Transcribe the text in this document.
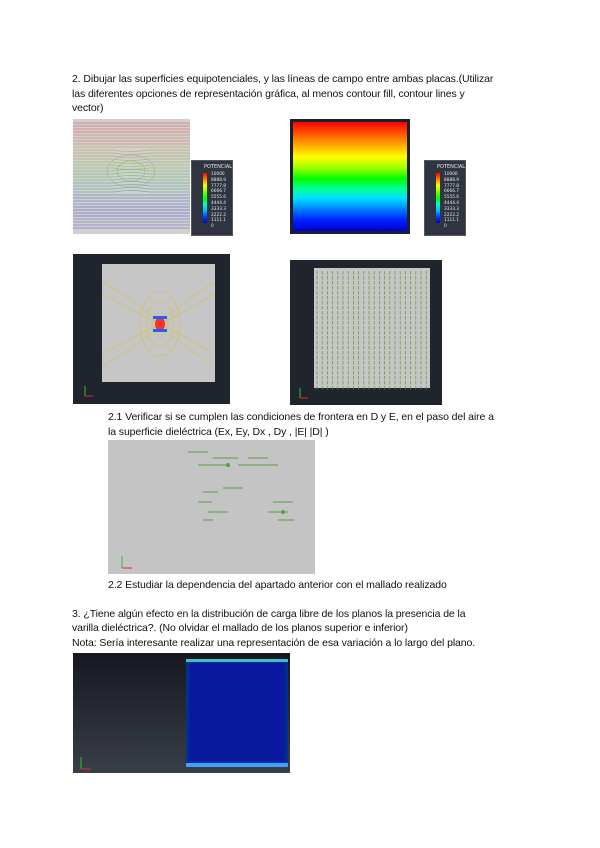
2. Dibujar las superficies equipotenciales, y las líneas de campo entre ambas placas.(Utilizar
las diferentes opciones de representación gráfica, al menos contour fill, contour lines y
vector)
POTENCIAL
10000
8888.9
7777.8
6666.7
5555.6
4444.4
3333.3
2222.2
1111.1
0
POTENCIAL
10000
8888.9
7777.8
6666.7
5555.6
4444.4
3333.3
2222.2
1111.1
0
2.1 Verificar si se cumplen las condiciones de frontera en D y E, en el paso del aire a
la superficie dieléctrica (Ex, Ey, Dx , Dy , |E| |D| )
2.2 Estudiar la dependencia del apartado anterior con el mallado realizado
3. ¿Tiene algún efecto en la distribución de carga libre de los planos la presencia de la
varilla dieléctrica?. (No olvidar el mallado de los planos superior e inferior)
Nota: Sería interesante realizar una representación de esa variación a lo largo del plano.
